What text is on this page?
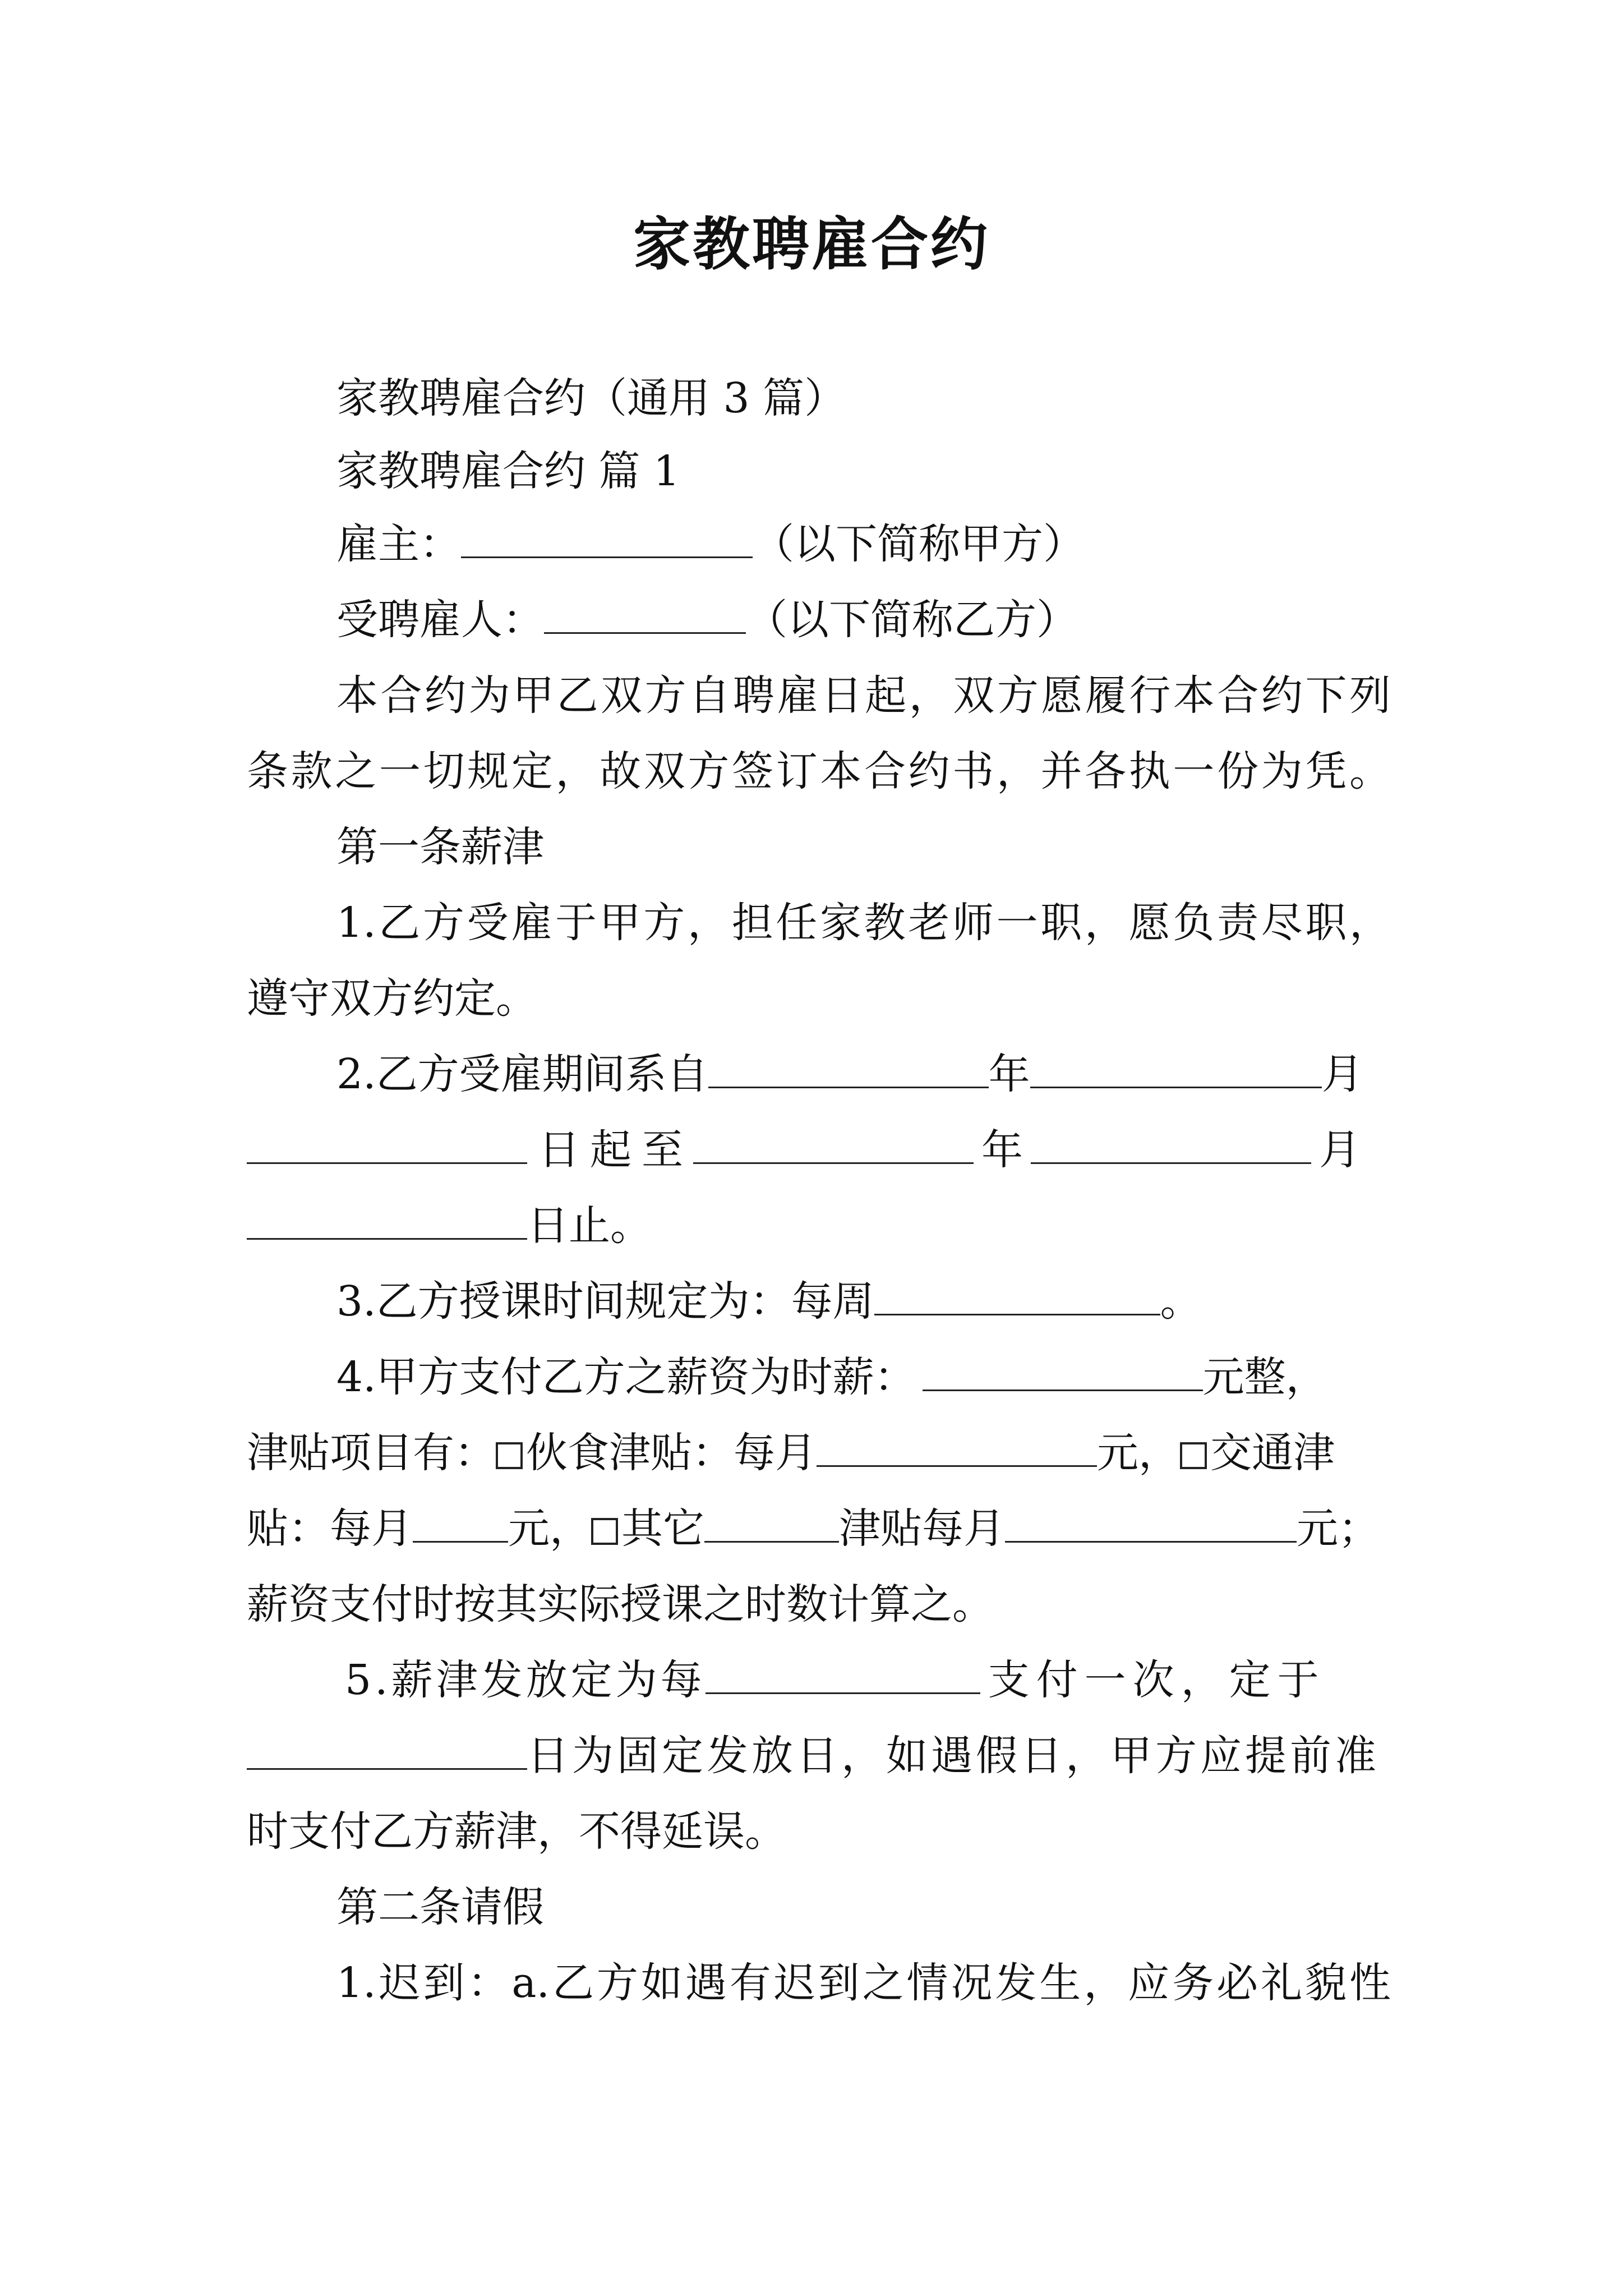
家教聘雇合约
家教聘雇合约（通用 3 篇）
家教聘雇合约 篇 1
雇主：	（以下简称甲方）
受聘雇人：	（以下简称乙方）
本合约为甲乙双方自聘雇日起，双方愿履行本合约下列
条款之一切规定，故双方签订本合约书，并各执一份为凭。
第一条薪津
1.乙方受雇于甲方，担任家教老师一职，愿负责尽职，
遵守双方约定。
2.乙方受雇期间系自	年	月
日起至	年	月
日止。
3.乙方授课时间规定为：每周	。
4.甲方支付乙方之薪资为时薪：	元整，
津贴项目有： 伙食津贴：每月	元， 交通津
贴：每月 元， 其它	津贴每月	元；
薪资支付时按其实际授课之时数计算之。
5.薪津发放定为每	支付一次，定于
日为固定发放日，如遇假日，甲方应提前准
时支付乙方薪津，不得延误。
第二条请假
1.迟到：a.乙方如遇有迟到之情况发生，应务必礼貌性
